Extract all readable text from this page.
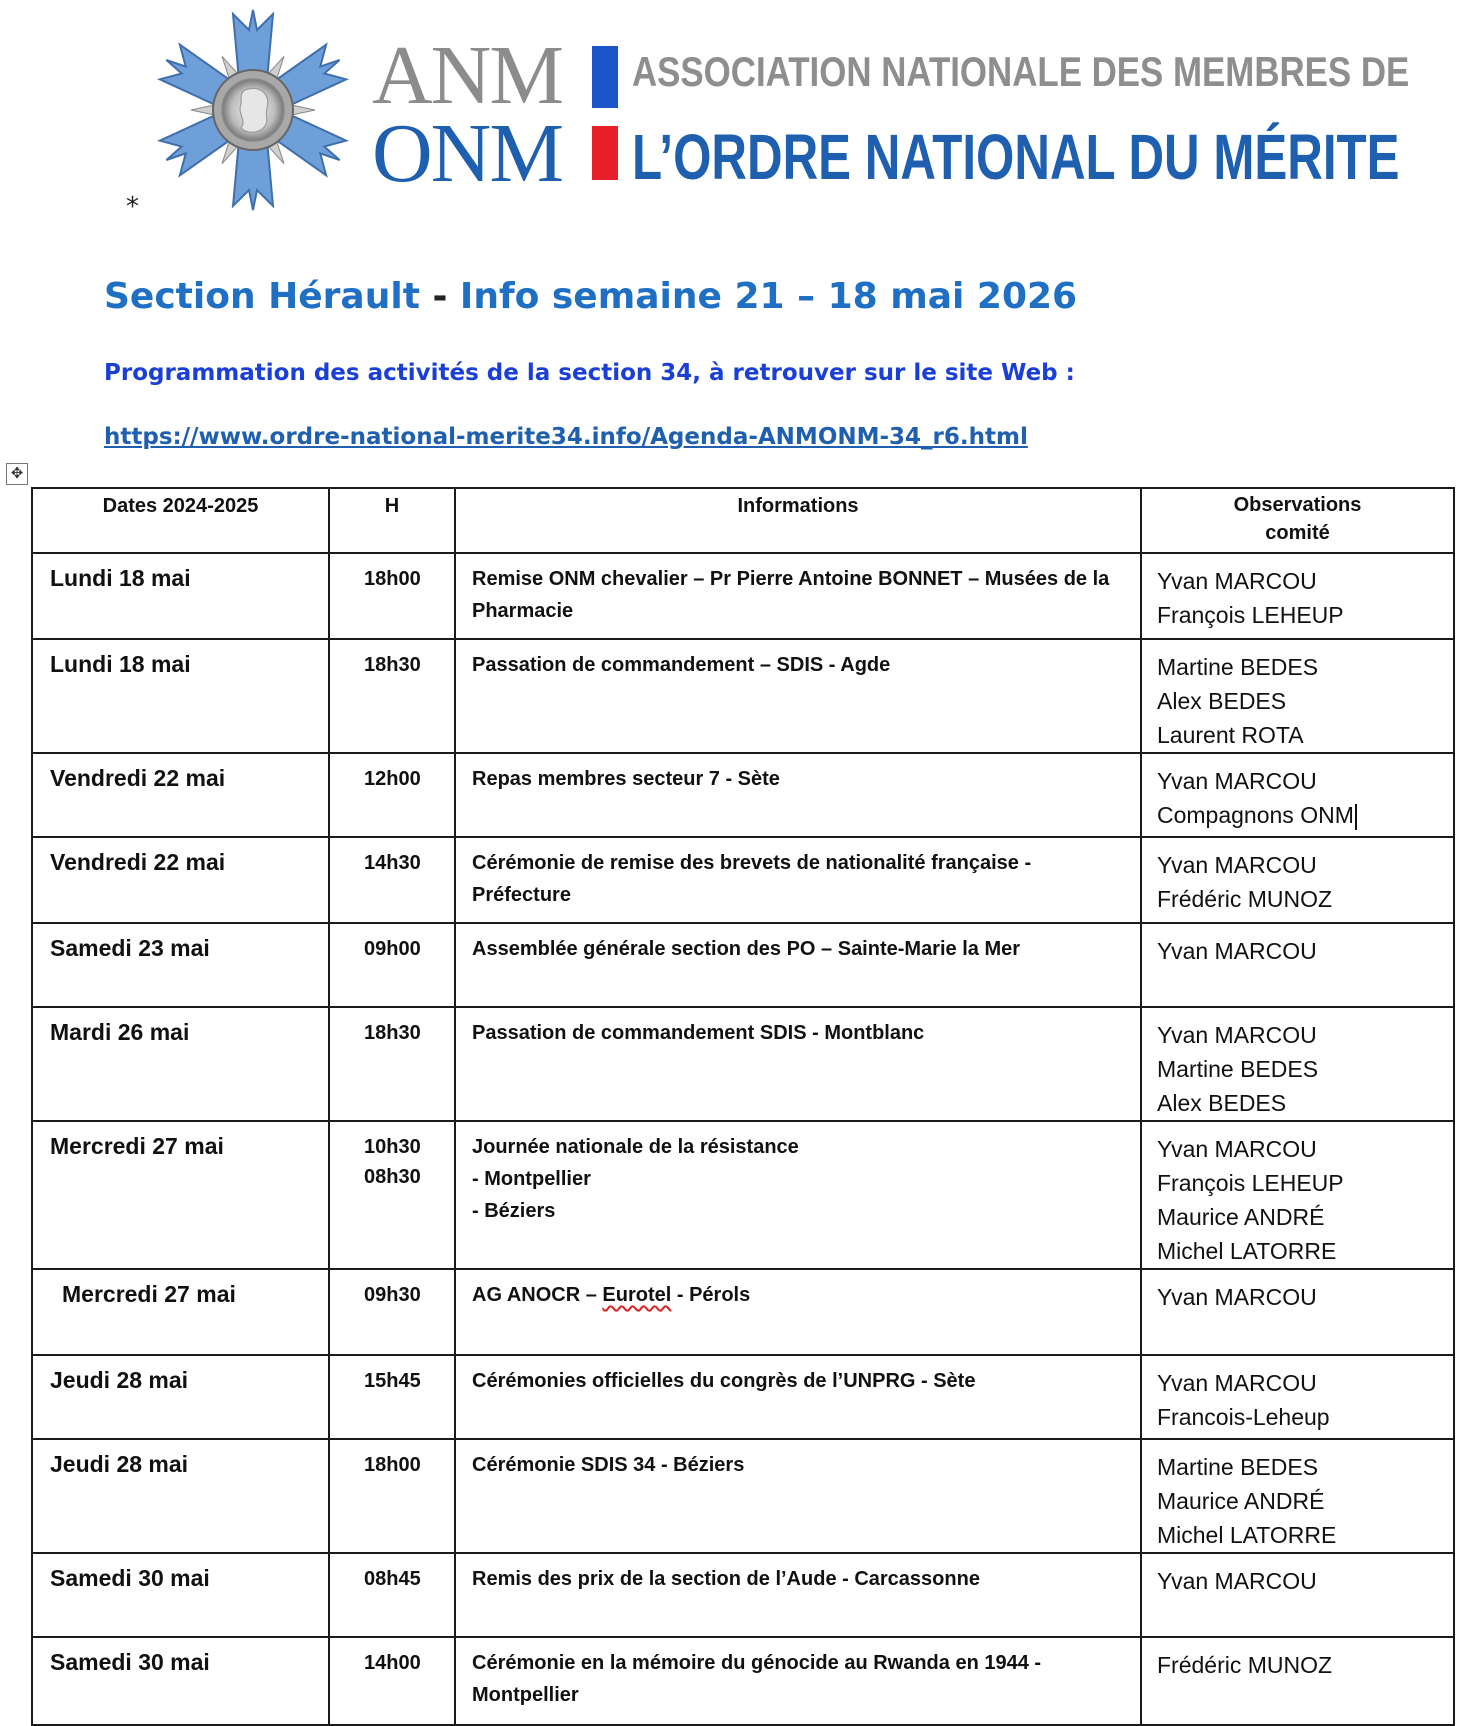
*
ANM
ONM
ASSOCIATION NATIONALE DES MEMBRES DE
L’ORDRE NATIONAL DU MÉRITE
Section Hérault - Info semaine 21 – 18 mai 2026
Programmation des activités de la section 34, à retrouver sur le site Web :
https://www.ordre-national-merite34.info/Agenda-ANMONM-34_r6.html
✥
Dates 2024-2025	H	Informations	Observations
comité

Lundi 18 mai	18h00	Remise ONM chevalier – Pr Pierre Antoine BONNET – Musées de la Pharmacie	Yvan MARCOU
François LEHEUP

Lundi 18 mai	18h30	Passation de commandement – SDIS - Agde	Martine BEDES
Alex BEDES
Laurent ROTA

Vendredi 22 mai	12h00	Repas membres secteur 7 - Sète	Yvan MARCOU
Compagnons ONM

Vendredi 22 mai	14h30	Cérémonie de remise des brevets de nationalité française - Préfecture	Yvan MARCOU
Frédéric MUNOZ

Samedi 23 mai	09h00	Assemblée générale section des PO – Sainte-Marie la Mer	Yvan MARCOU

Mardi 26 mai	18h30	Passation de commandement SDIS - Montblanc	Yvan MARCOU
Martine BEDES
Alex BEDES

Mercredi 27 mai	10h30
08h30	Journée nationale de la résistance
- Montpellier
- Béziers	Yvan MARCOU
François LEHEUP
Maurice ANDRÉ
Michel LATORRE

Mercredi 27 mai	09h30	AG ANOCR – Eurotel - Pérols	Yvan MARCOU

Jeudi 28 mai	15h45	Cérémonies officielles du congrès de l’UNPRG - Sète	Yvan MARCOU
Francois-Leheup

Jeudi 28 mai	18h00	Cérémonie SDIS 34 - Béziers	Martine BEDES
Maurice ANDRÉ
Michel LATORRE

Samedi 30 mai	08h45	Remis des prix de la section de l’Aude - Carcassonne	Yvan MARCOU

Samedi 30 mai	14h00	Cérémonie en la mémoire du génocide au Rwanda en 1944 - Montpellier	Frédéric MUNOZ
